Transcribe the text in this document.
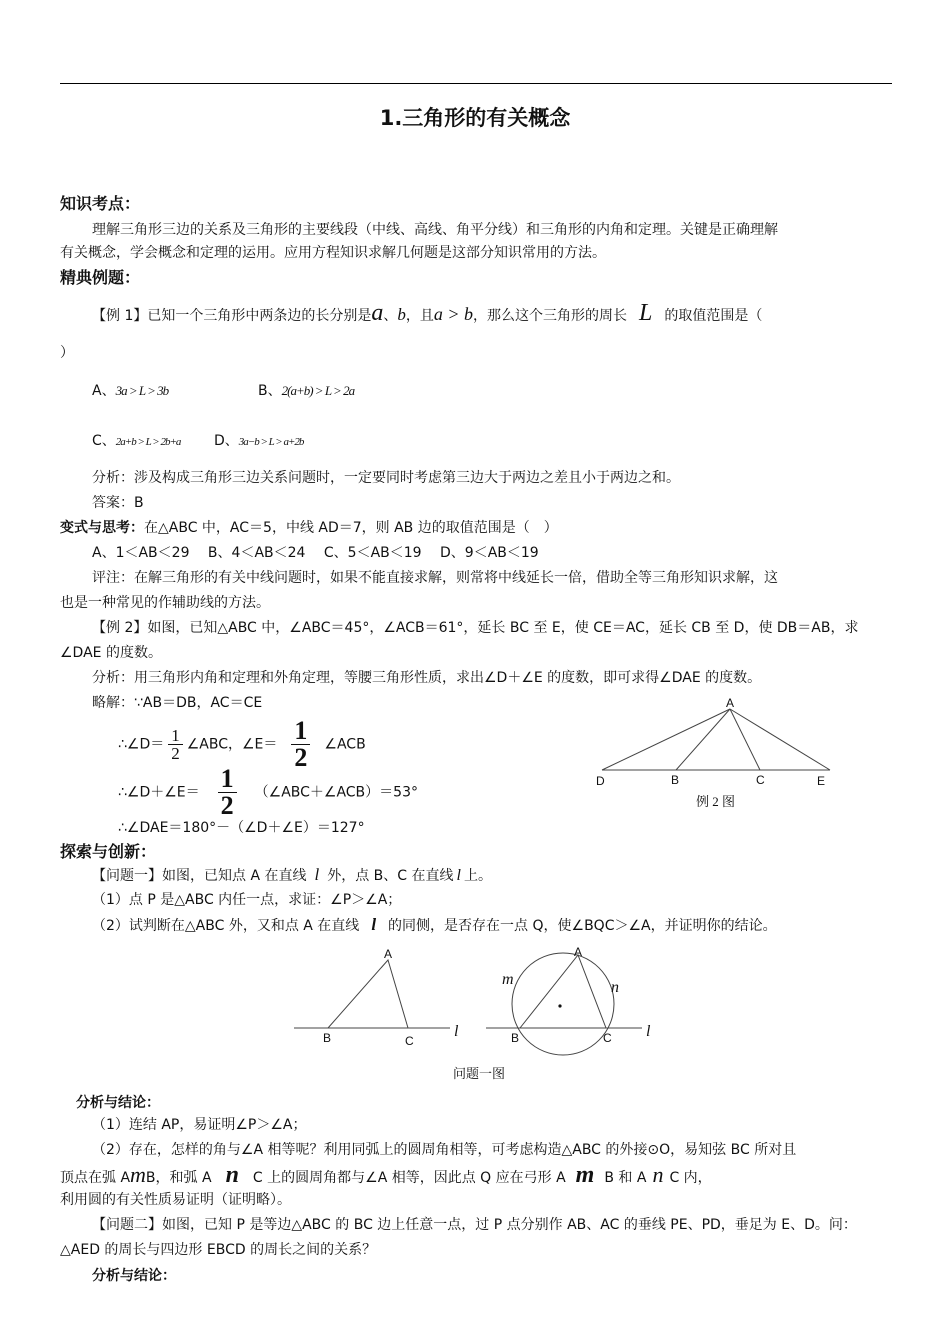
1.三角形的有关概念
知识考点：
理解三角形三边的关系及三角形的主要线段（中线、高线、角平分线）和三角形的内角和定理。关键是正确理解
有关概念，学会概念和定理的运用。应用方程知识求解几何题是这部分知识常用的方法。
精典例题：
【例 1】已知一个三角形中两条边的长分别是a、b，且a > b，那么这个三角形的周长 L 的取值范围是（
）
A、3a > L > 3b	B、2(a+b) > L > 2a
C、2a+b > L > 2b+a D、3a−b > L > a+2b
分析：涉及构成三角形三边关系问题时，一定要同时考虑第三边大于两边之差且小于两边之和。
答案：B
变式与思考：在△ABC 中，AC＝5，中线 AD＝7，则 AB 边的取值范围是（　）
A、1＜AB＜29　 B、4＜AB＜24　 C、5＜AB＜19　 D、9＜AB＜19
评注：在解三角形的有关中线问题时，如果不能直接求解，则常将中线延长一倍，借助全等三角形知识求解，这
也是一种常见的作辅助线的方法。
【例 2】如图，已知△ABC 中，∠ABC＝45°，∠ACB＝61°，延长 BC 至 E，使 CE＝AC，延长 CB 至 D，使 DB＝AB，求
∠DAE 的度数。
分析：用三角形内角和定理和外角定理，等腰三角形性质，求出∠D＋∠E 的度数，即可求得∠DAE 的度数。
略解：∵AB＝DB，AC＝CE
∴∠D＝ $\frac{1}{2}$ ∠ABC，∠E＝ $\frac{1}{2}$ ∠ACB
∴∠D＋∠E＝ $\frac{1}{2}$ （∠ABC＋∠ACB）＝53°
∴∠DAE＝180°－（∠D＋∠E）＝127°
A
D	B	C	E
例 2 图
探索与创新：
【问题一】如图，已知点 A 在直线 l 外，点 B、C 在直线 l 上。
（1）点 P 是△ABC 内任一点，求证：∠P＞∠A；
（2）试判断在△ABC 外，又和点 A 在直线 l 的同侧，是否存在一点 Q，使∠BQC＞∠A，并证明你的结论。
A
B	C
A
B	C
l	l
m	n
问题一图
分析与结论：
（1）连结 AP，易证明∠P＞∠A；
（2）存在，怎样的角与∠A 相等呢？利用同弧上的圆周角相等，可考虑构造△ABC 的外接⊙O，易知弦 BC 所对且
顶点在弧 AmB，和弧 A n C 上的圆周角都与∠A 相等，因此点 Q 应在弓形 A m B 和 A n C 内，
利用圆的有关性质易证明（证明略）。
【问题二】如图，已知 P 是等边△ABC 的 BC 边上任意一点，过 P 点分别作 AB、AC 的垂线 PE、PD，垂足为 E、D。问：
△AED 的周长与四边形 EBCD 的周长之间的关系？
分析与结论：
